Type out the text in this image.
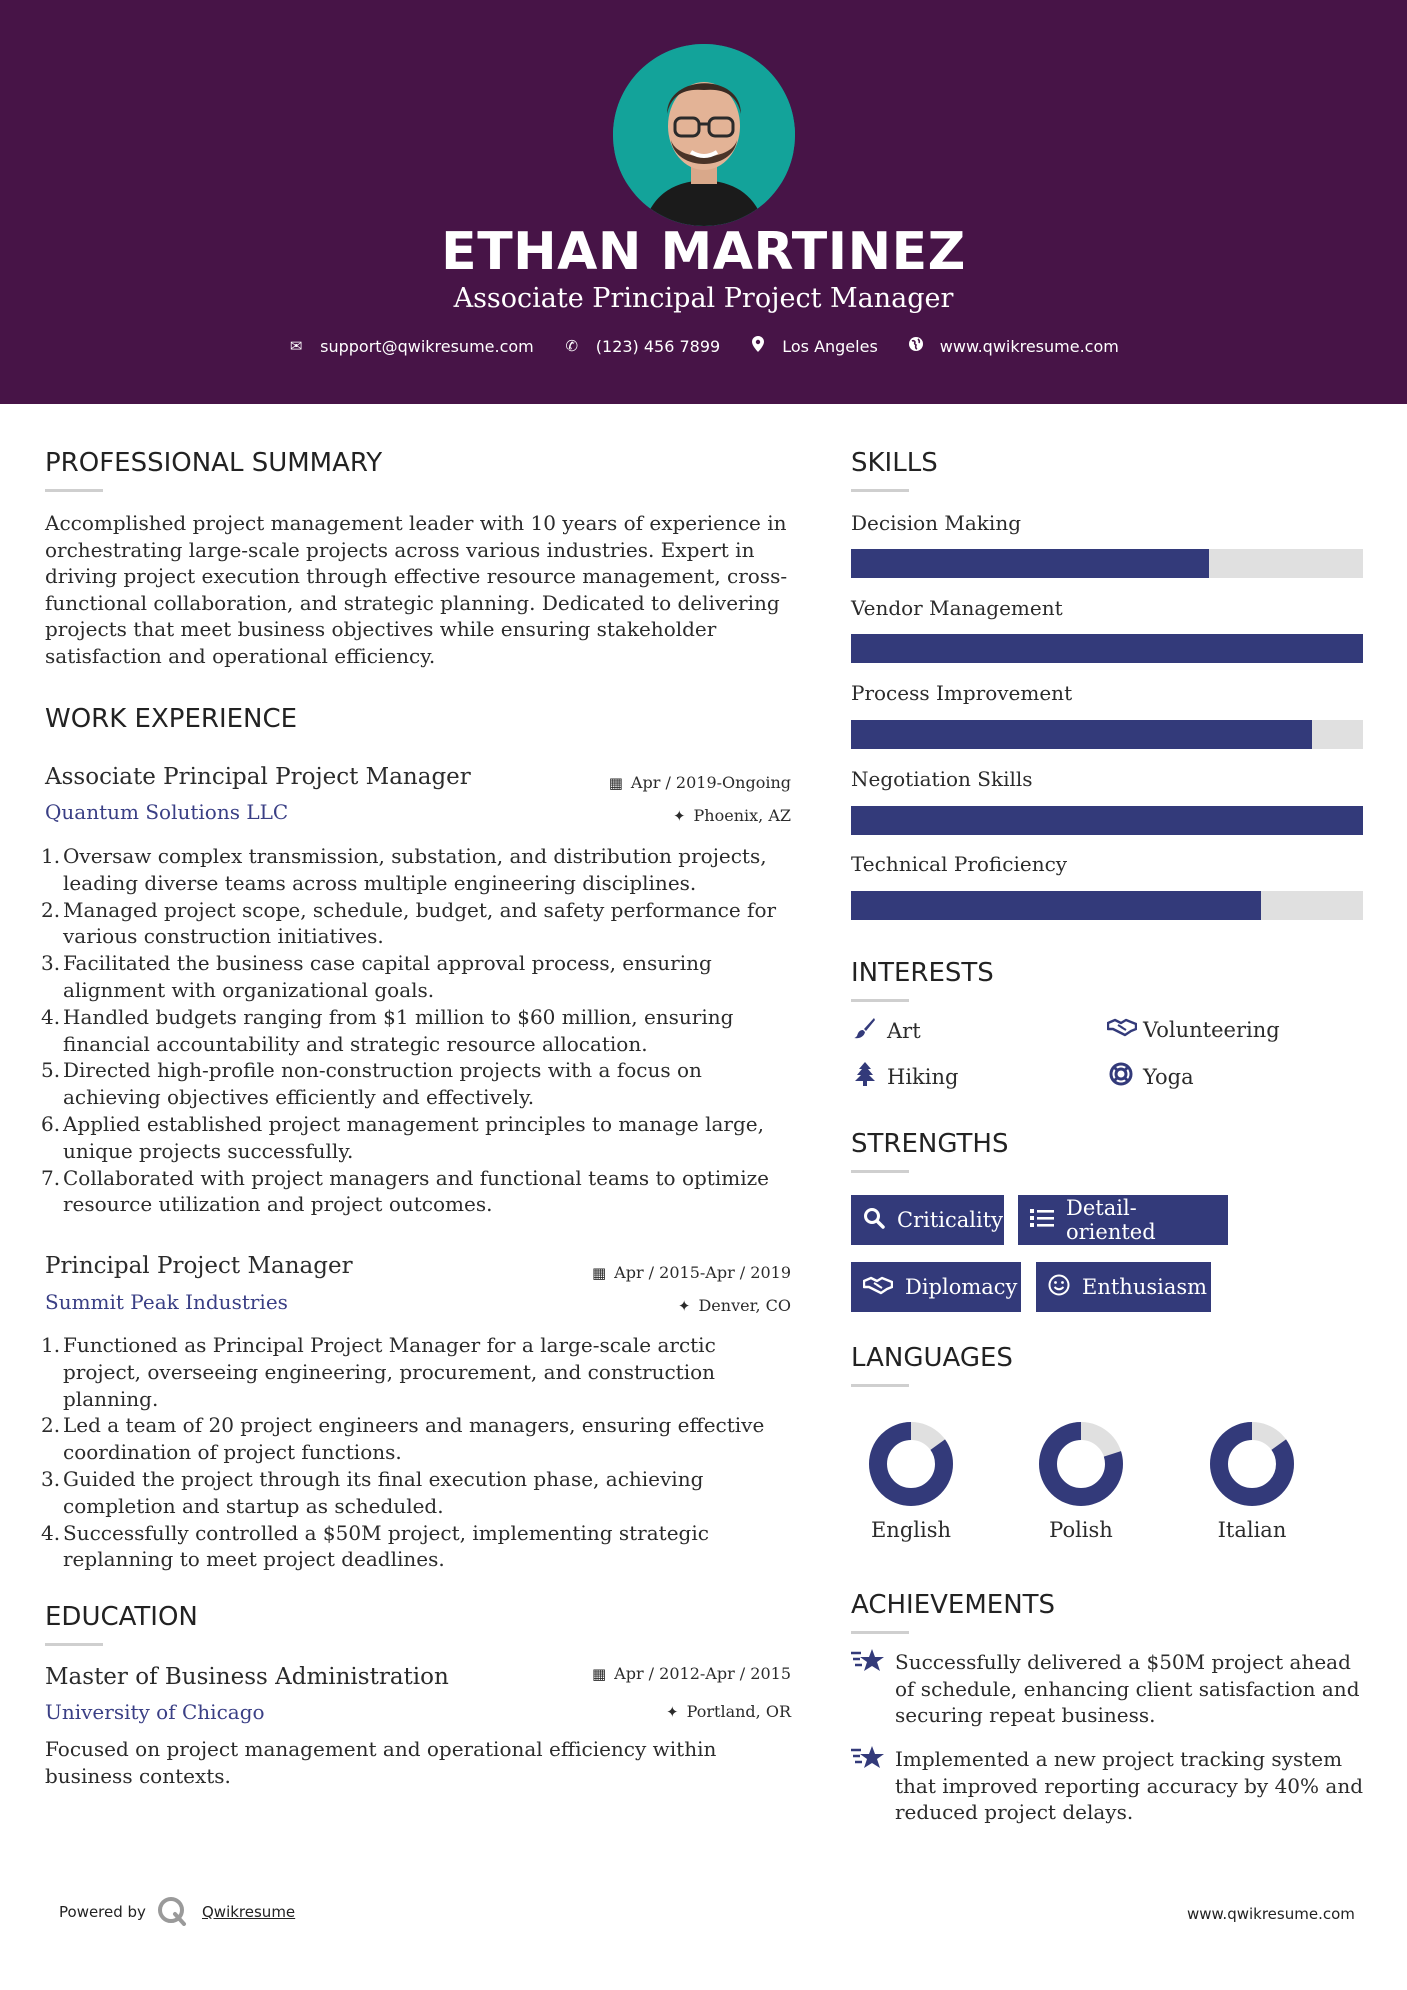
ETHAN MARTINEZ
Associate Principal Project Manager
✉ support@qwikresume.com ✆ (123) 456 7899	Los Angeles	www.qwikresume.com
PROFESSIONAL SUMMARY
Accomplished project management leader with 10 years of experience in orchestrating large-scale projects across various industries. Expert in driving project execution through effective resource management, cross-functional collaboration, and strategic planning. Dedicated to delivering projects that meet business objectives while ensuring stakeholder satisfaction and operational efficiency.
WORK EXPERIENCE
Associate Principal Project Manager
Quantum Solutions LLC
▦ Apr / 2019-Ongoing
✦ Phoenix, AZ
1. Oversaw complex transmission, substation, and distribution projects, leading diverse teams across multiple engineering disciplines.
2. Managed project scope, schedule, budget, and safety performance for various construction initiatives.
3. Facilitated the business case capital approval process, ensuring alignment with organizational goals.
4. Handled budgets ranging from $1 million to $60 million, ensuring financial accountability and strategic resource allocation.
5. Directed high-profile non-construction projects with a focus on achieving objectives efficiently and effectively.
6. Applied established project management principles to manage large, unique projects successfully.
7. Collaborated with project managers and functional teams to optimize resource utilization and project outcomes.
Principal Project Manager
Summit Peak Industries
▦ Apr / 2015-Apr / 2019
✦ Denver, CO
1. Functioned as Principal Project Manager for a large-scale arctic project, overseeing engineering, procurement, and construction planning.
2. Led a team of 20 project engineers and managers, ensuring effective coordination of project functions.
3. Guided the project through its final execution phase, achieving completion and startup as scheduled.
4. Successfully controlled a $50M project, implementing strategic replanning to meet project deadlines.
EDUCATION
Master of Business Administration
University of Chicago
▦ Apr / 2012-Apr / 2015
✦ Portland, OR
Focused on project management and operational efficiency within business contexts.
SKILLS
Decision Making
Vendor Management
Process Improvement
Negotiation Skills
Technical Proficiency
INTERESTS
Art	Volunteering
Hiking	Yoga
STRENGTHS
Criticality	Detail-oriented
Diplomacy	Enthusiasm
LANGUAGES
English	Polish	Italian
ACHIEVEMENTS
Successfully delivered a $50M project ahead of schedule, enhancing client satisfaction and securing repeat business.
Implemented a new project tracking system that improved reporting accuracy by 40% and reduced project delays.
Powered by	Qwikresume	www.qwikresume.com
